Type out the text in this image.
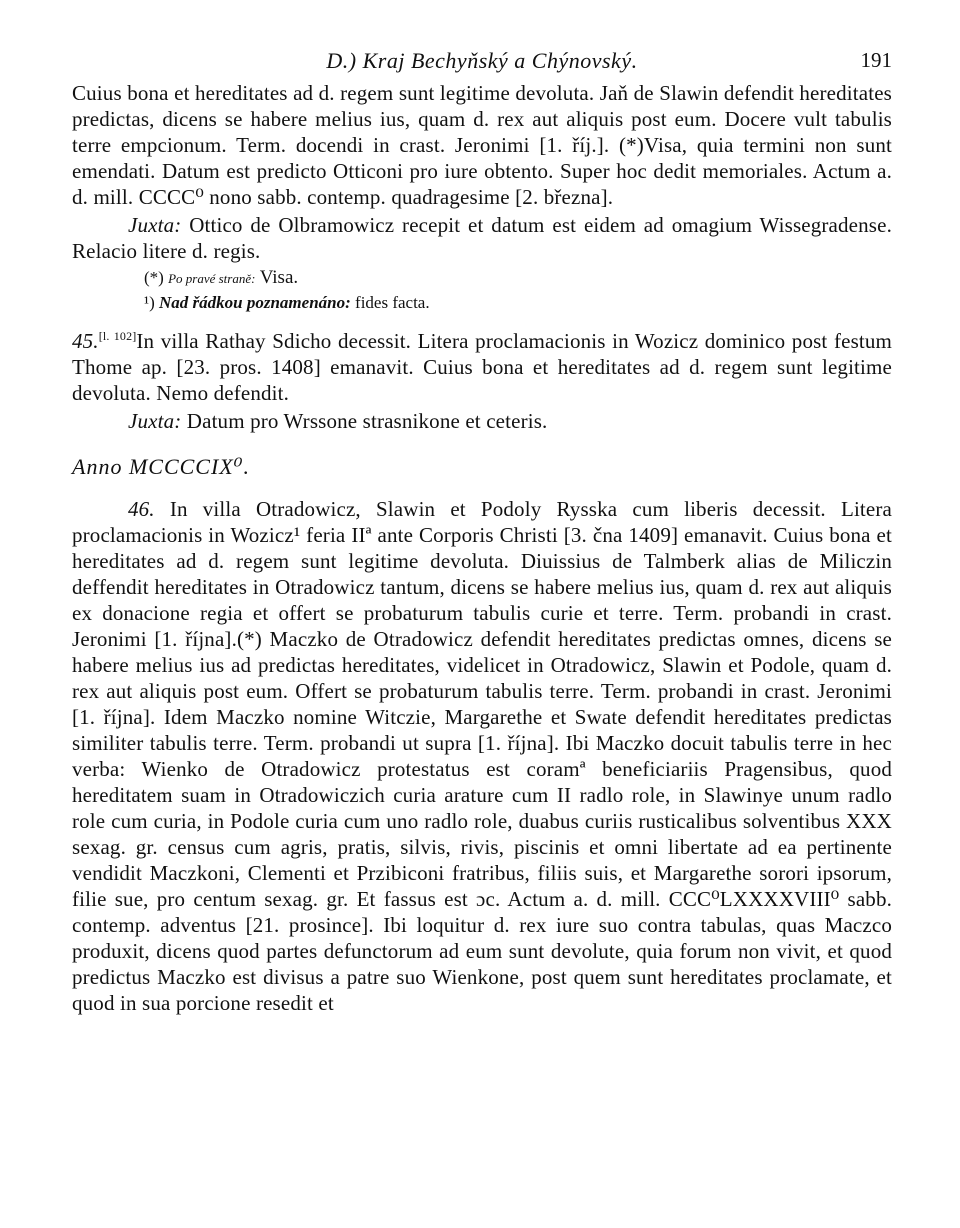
D.) Kraj Bechyňský a Chýnovský.	191

Cuius bona et hereditates ad d. regem sunt legitime devoluta. Jaň de Slawin defendit hereditates predictas, dicens se habere melius ius, quam d. rex aut aliquis post eum. Docere vult tabulis terre empcionum. Term. docendi in crast. Jeronimi [1. říj.]. (*)Visa, quia termini non sunt emendati. Datum est predicto Otticoni pro iure obtento. Super hoc dedit memoriales. Actum a. d. mill. CCCC⁰ nono sabb. contemp. quadragesime [2. března].

Juxta: Ottico de Olbramowicz recepit et datum est eidem ad omagium Wissegradense. Relacio litere d. regis.

(*) Po pravé straně: Visa.
¹) Nad řádkou poznamenáno: fides facta.

45.[l. 102]In villa Rathay Sdicho decessit. Litera proclamacionis in Wozicz dominico post festum Thome ap. [23. pros. 1408] emanavit. Cuius bona et hereditates ad d. regem sunt legitime devoluta. Nemo defendit.

Juxta: Datum pro Wrssone strasnikone et ceteris.

Anno MCCCCIX⁰.

46. In villa Otradowicz, Slawin et Podoly Rysska cum liberis decessit. Litera proclamacionis in Wozicz¹ feria IIª ante Corporis Christi [3. čna 1409] emanavit. Cuius bona et hereditates ad d. regem sunt legitime devoluta. Diuissius de Talmberk alias de Miliczin deffendit hereditates in Otradowicz tantum, dicens se habere melius ius, quam d. rex aut aliquis ex donacione regia et offert se probaturum tabulis curie et terre. Term. probandi in crast. Jeronimi [1. října].(*) Maczko de Otradowicz defendit hereditates predictas omnes, dicens se habere melius ius ad predictas hereditates, videlicet in Otradowicz, Slawin et Podole, quam d. rex aut aliquis post eum. Offert se probaturum tabulis terre. Term. probandi in crast. Jeronimi [1. října]. Idem Maczko nomine Witczie, Margarethe et Swate defendit hereditates predictas similiter tabulis terre. Term. probandi ut supra [1. října]. Ibi Maczko docuit tabulis terre in hec verba: Wienko de Otradowicz protestatus est coramª beneficiariis Pragensibus, quod hereditatem suam in Otradowiczich curia arature cum II radlo role, in Slawinye unum radlo role cum curia, in Podole curia cum uno radlo role, duabus curiis rusticalibus solventibus XXX sexag. gr. census cum agris, pratis, silvis, rivis, piscinis et omni libertate ad ea pertinente vendidit Maczkoni, Clementi et Przibiconi fratribus, filiis suis, et Margarethe sorori ipsorum, filie sue, pro centum sexag. gr. Et fassus est ɔc. Actum a. d. mill. CCC⁰LXXXXVIII⁰ sabb. contemp. adventus [21. prosince]. Ibi loquitur d. rex iure suo contra tabulas, quas Maczco produxit, dicens quod partes defunctorum ad eum sunt devolute, quia forum non vivit, et quod predictus Maczko est divisus a patre suo Wienkone, post quem sunt hereditates proclamate, et quod in sua porcione resedit et
